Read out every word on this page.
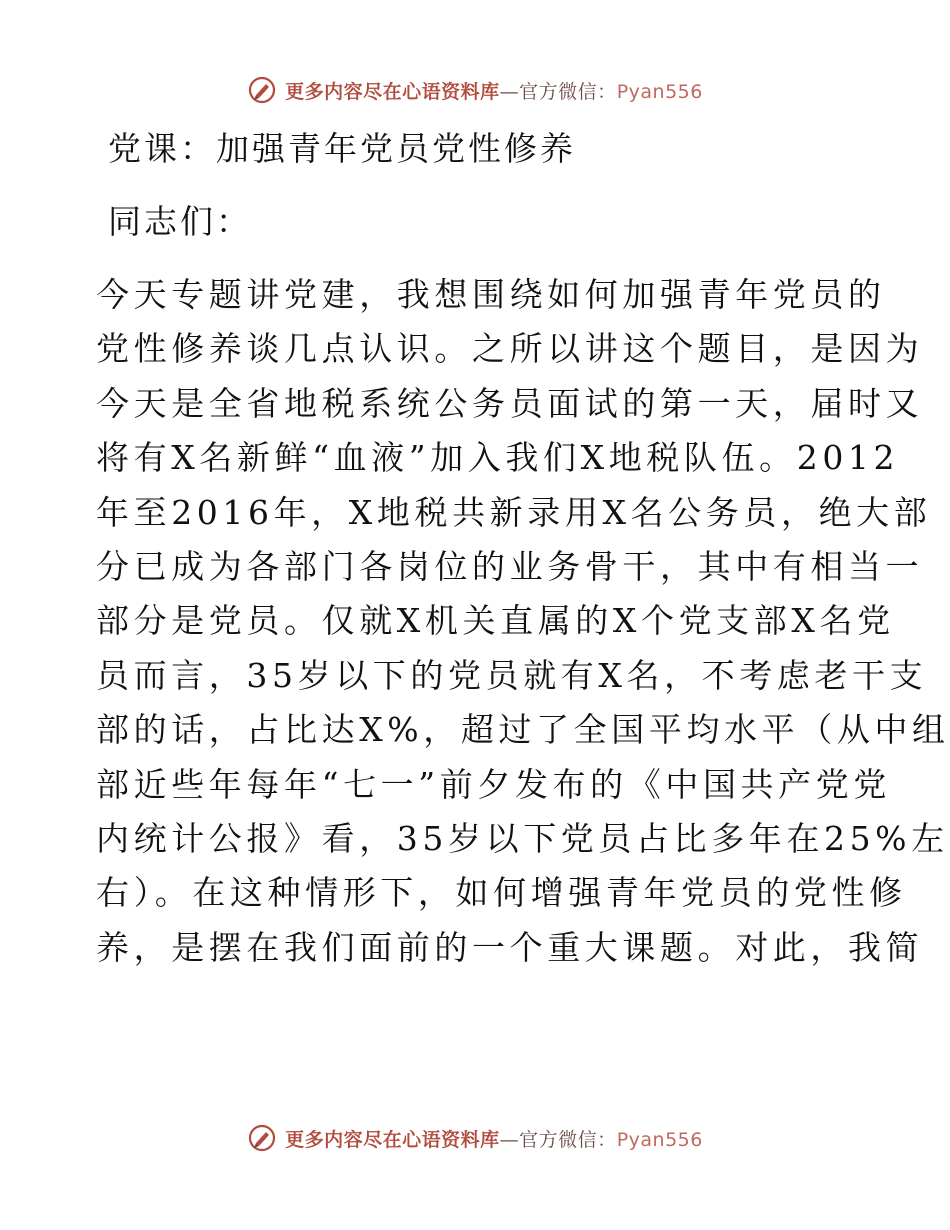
更多内容尽在心语资料库—官方微信：Pyan556
党课：加强青年党员党性修养
同志们：
今天专题讲党建，我想围绕如何加强青年党员的
党性修养谈几点认识。之所以讲这个题目，是因为
今天是全省地税系统公务员面试的第一天，届时又
将有X名新鲜“血液”加入我们X地税队伍。2012
年至2016年，X地税共新录用X名公务员，绝大部
分已成为各部门各岗位的业务骨干，其中有相当一
部分是党员。仅就X机关直属的X个党支部X名党
员而言，35岁以下的党员就有X名，不考虑老干支
部的话，占比达X%，超过了全国平均水平（从中组
部近些年每年“七一”前夕发布的《中国共产党党
内统计公报》看，35岁以下党员占比多年在25%左
右）。在这种情形下，如何增强青年党员的党性修
养，是摆在我们面前的一个重大课题。对此，我简
更多内容尽在心语资料库—官方微信：Pyan556
